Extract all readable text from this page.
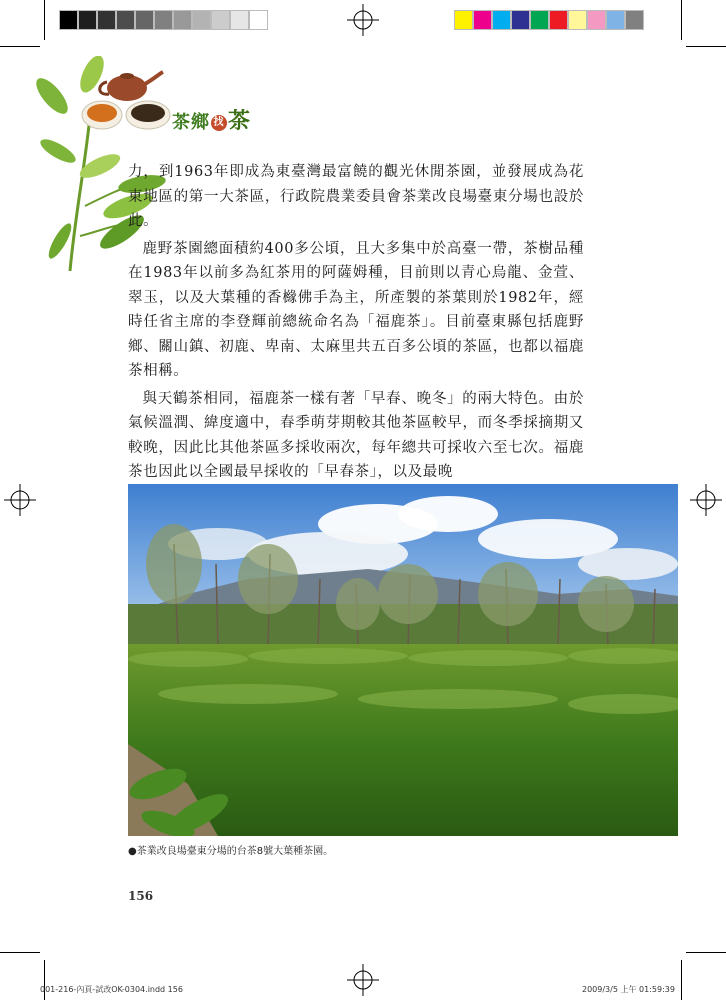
茶鄉 找 茶

力，到1963年即成為東臺灣最富饒的觀光休閒茶園，並發展成為花東地區的第一大茶區，行政院農業委員會茶業改良場臺東分場也設於此。

鹿野茶園總面積約400多公頃，且大多集中於高臺一帶，茶樹品種在1983年以前多為紅茶用的阿薩姆種，目前則以青心烏龍、金萱、翠玉，以及大葉種的香櫞佛手為主，所產製的茶葉則於1982年，經時任省主席的李登輝前總統命名為「福鹿茶」。目前臺東縣包括鹿野鄉、關山鎮、初鹿、卑南、太麻里共五百多公頃的茶區，也都以福鹿茶相稱。

與天鶴茶相同，福鹿茶一樣有著「早春、晚冬」的兩大特色。由於氣候溫潤、緯度適中，春季萌芽期較其他茶區較早，而冬季採摘期又較晚，因此比其他茶區多採收兩次，每年總共可採收六至七次。福鹿茶也因此以全國最早採收的「早春茶」，以及最晚

●茶業改良場臺東分場的台茶8號大葉種茶園。
156
001-216-內頁-試改OK-0304.indd 156	2009/3/5 上午 01:59:39
